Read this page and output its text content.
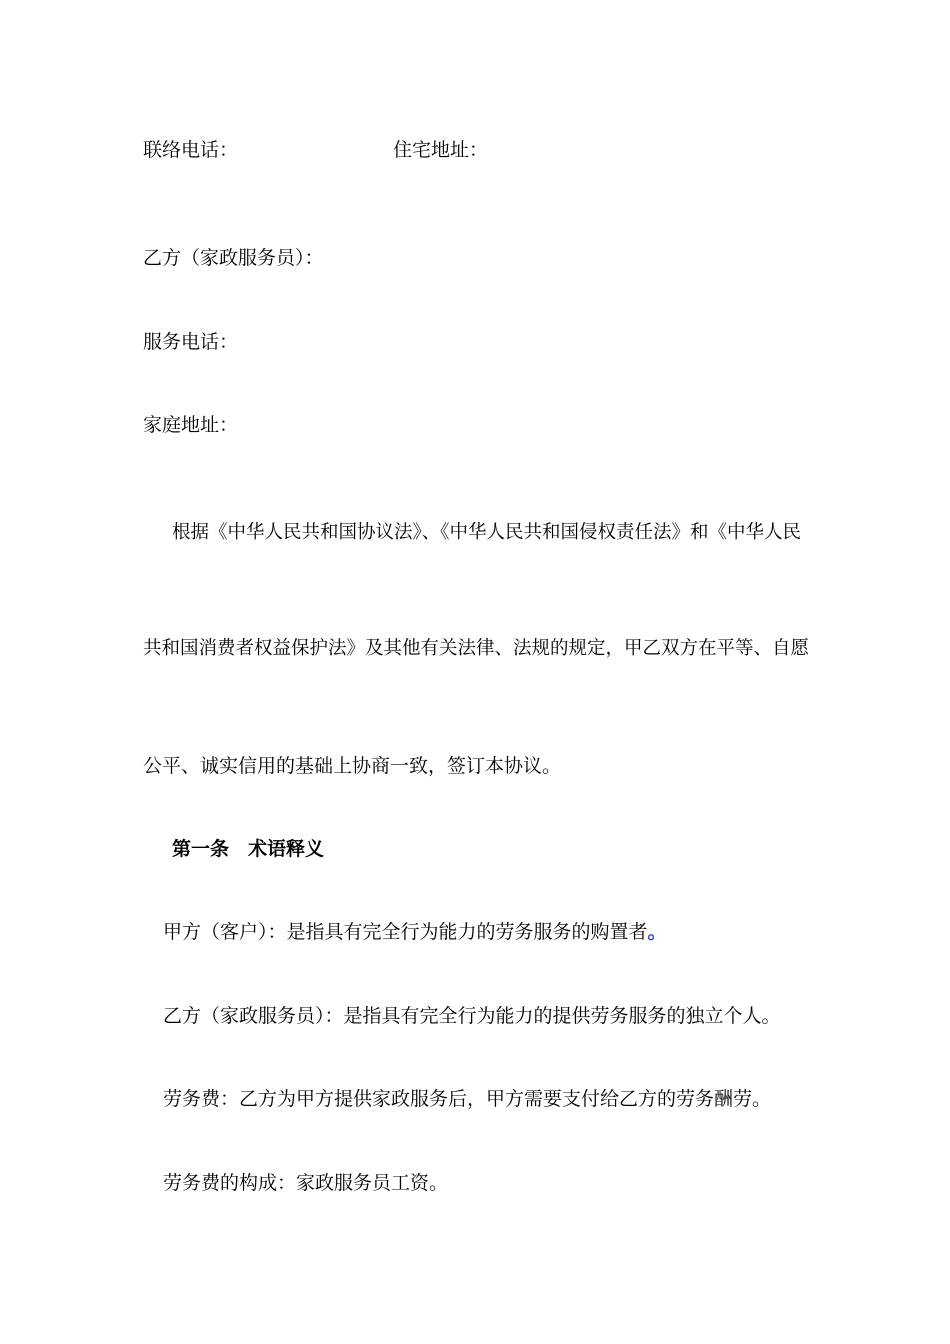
联络电话：	住宅地址：
乙方（家政服务员）：
服务电话：
家庭地址：
根据《中华人民共和国协议法》、《中华人民共和国侵权责任法》和《中华人民
共和国消费者权益保护法》及其他有关法律、法规的规定，甲乙双方在平等、自愿
公平、诚实信用的基础上协商一致，签订本协议。
第一条　术语释义
甲方（客户）：是指具有完全行为能力的劳务服务的购置者。
乙方（家政服务员）：是指具有完全行为能力的提供劳务服务的独立个人。
劳务费：乙方为甲方提供家政服务后，甲方需要支付给乙方的劳务酬劳。
劳务费的构成：家政服务员工资。
